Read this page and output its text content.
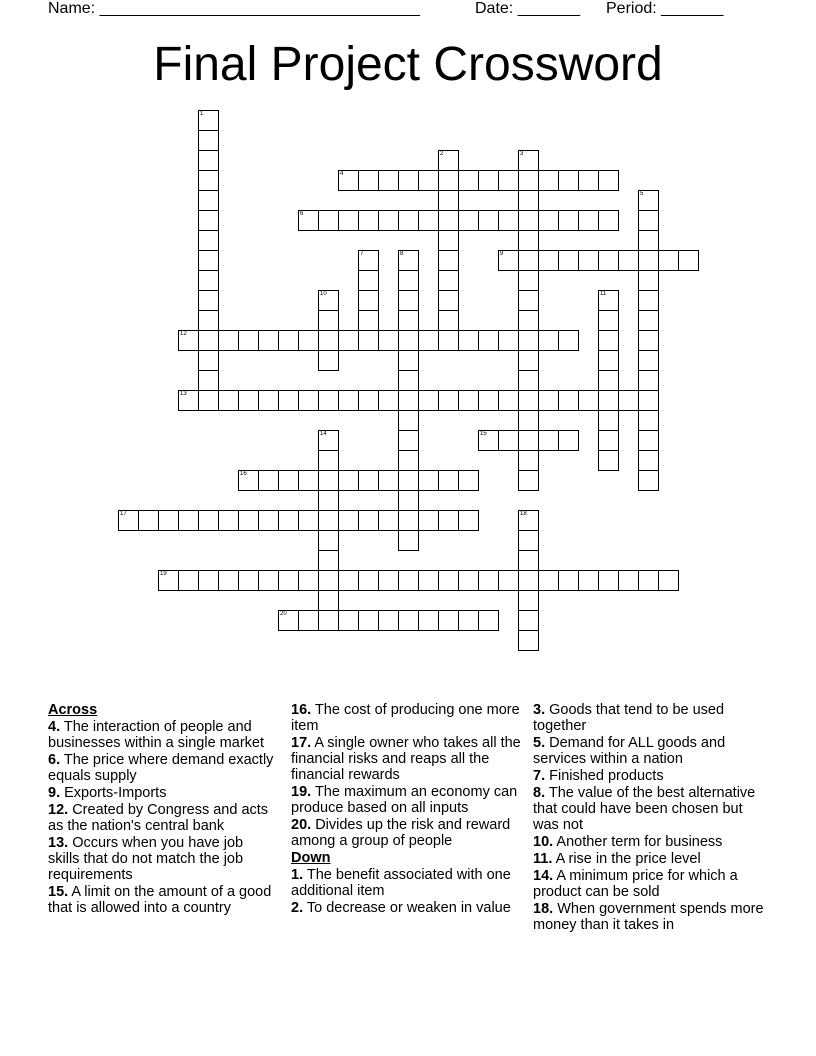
Name: ____________________________________	Date: _______ Period: _______
Final Project Crossword
1
2	3
4
5
6
7	8	9
10	11
12
13
14	15
16
17	18
19
20
Across
4. The interaction of people and businesses within a single market
6. The price where demand exactly equals supply
9. Exports-Imports
12. Created by Congress and acts as the nation's central bank
13. Occurs when you have job skills that do not match the job requirements
15. A limit on the amount of a good that is allowed into a country
16. The cost of producing one more item
17. A single owner who takes all the financial risks and reaps all the financial rewards
19. The maximum an economy can produce based on all inputs
20. Divides up the risk and reward among a group of people
Down
1. The benefit associated with one additional item
2. To decrease or weaken in value
3. Goods that tend to be used together
5. Demand for ALL goods and services within a nation
7. Finished products
8. The value of the best alternative that could have been chosen but was not
10. Another term for business
11. A rise in the price level
14. A minimum price for which a product can be sold
18. When government spends more money than it takes in
